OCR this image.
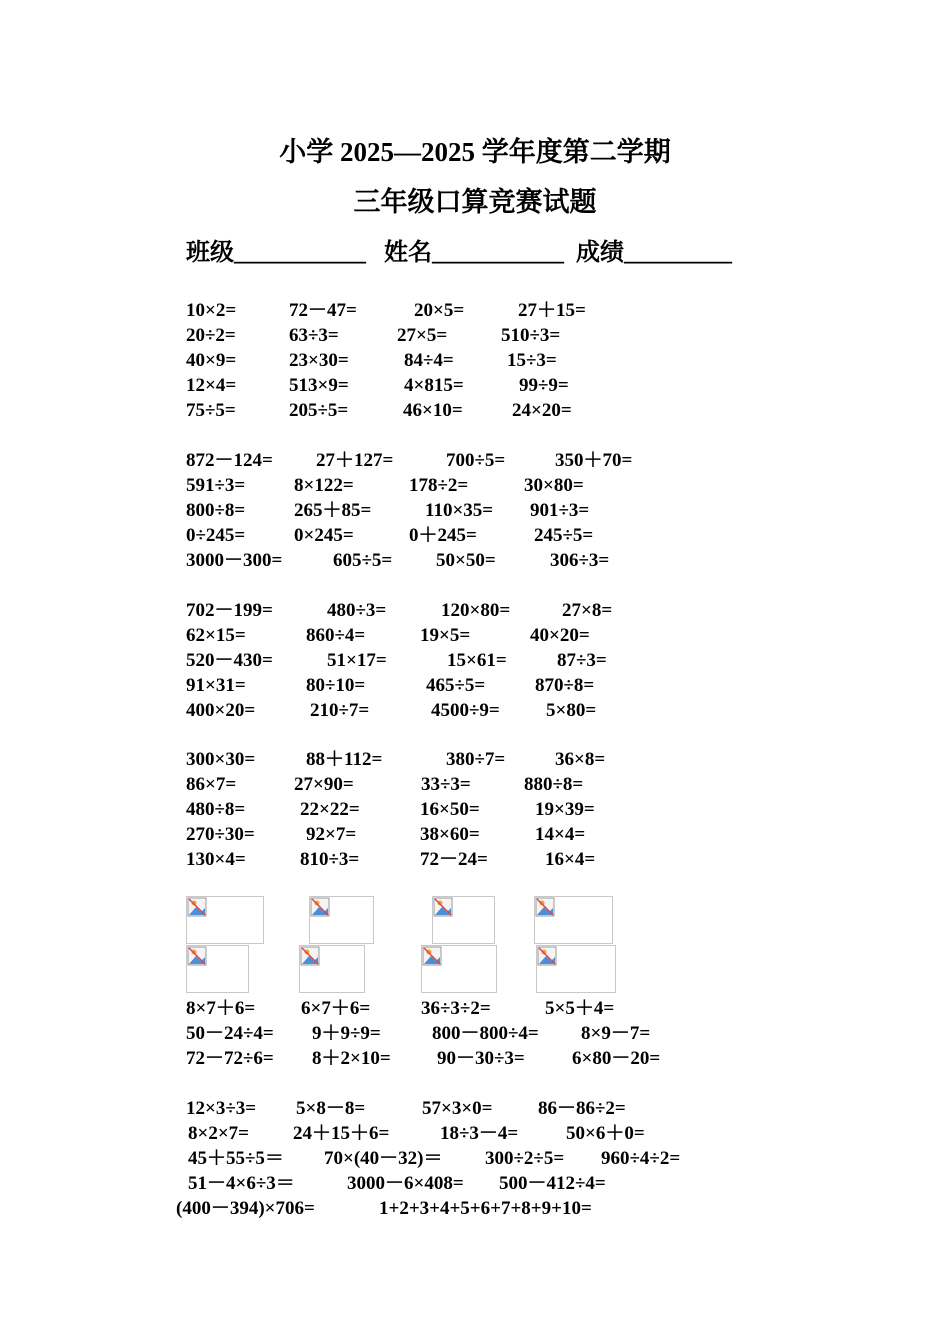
小学 2025—2025 学年度第二学期
三年级口算竞赛试题
班级___________   姓名___________  成绩_________
10×2=	72－47=	20×5=	27＋15=
20÷2=	63÷3=	27×5=	510÷3=
40×9=	23×30=	84÷4=	15÷3=
12×4=	513×9=	4×815=	99÷9=
75÷5=	205÷5=	46×10=	24×20=
872－124= 27＋127=	700÷5=	350＋70=
591÷3=	8×122=	178÷2=	30×80=
800÷8=	265＋85=	110×35= 901÷3=
0÷245=	0×245=	0＋245=	245÷5=
3000－300=	605÷5= 50×50=	306÷3=
702－199=	480÷3=	120×80=	27×8=
62×15=	860÷4=	19×5=	40×20=
520－430=	51×17=	15×61=	87÷3=
91×31=	80÷10=	465÷5=	870÷8=
400×20=	210÷7=	4500÷9= 5×80=
300×30=	88＋112=	380÷7=	36×8=
86×7=	27×90=	33÷3=	880÷8=
480÷8=	22×22=	16×50=	19×39=
270÷30=	92×7=	38×60=	14×4=
130×4=	810÷3=	72－24=	16×4=
8×7＋6= 6×7＋6=	36÷3÷2=	5×5＋4=
50－24÷4= 9＋9÷9=	800－800÷4= 8×9－7=
72－72÷6= 8＋2×10= 90－30÷3= 6×80－20=
12×3÷3= 5×8－8=	57×3×0= 86－86÷2=
8×2×7= 24＋15＋6=	18÷3－4=	50×6＋0=
45＋55÷5＝ 70×(40－32)＝ 300÷2÷5= 960÷4÷2=
51－4×6÷3＝	3000－6×408= 500－412÷4=
(400－394)×706=	1+2+3+4+5+6+7+8+9+10=
